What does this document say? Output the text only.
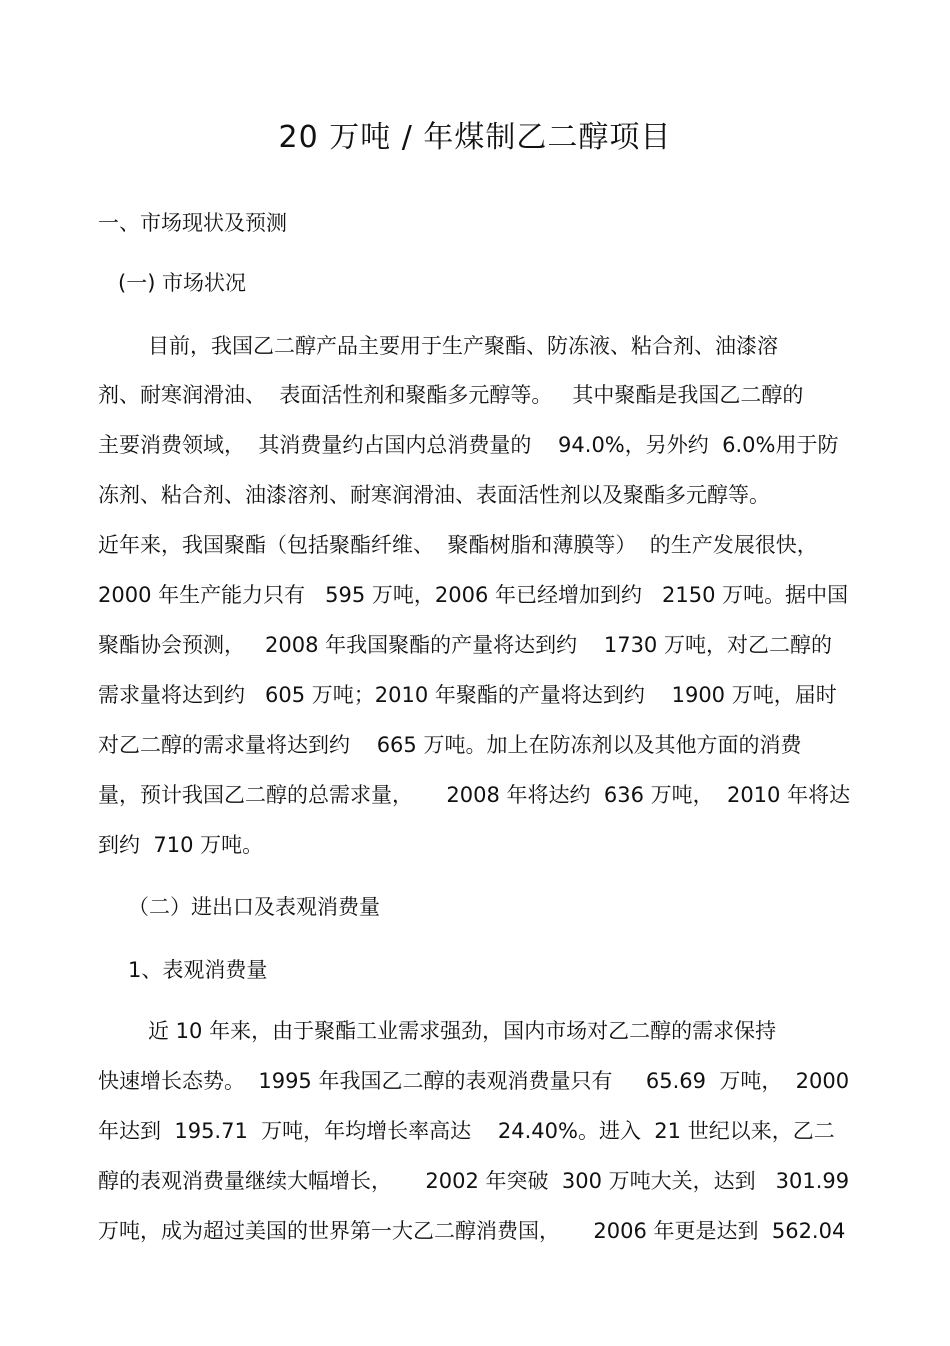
20 万吨 / 年煤制乙二醇项目
一、市场现状及预测
(一) 市场状况
目前，我国乙二醇产品主要用于生产聚酯、防冻液、粘合剂、油漆溶
剂、耐寒润滑油、  表面活性剂和聚酯多元醇等。   其中聚酯是我国乙二醇的
主要消费领域，  其消费量约占国内总消费量的    94.0%，另外约  6.0%用于防
冻剂、粘合剂、油漆溶剂、耐寒润滑油、表面活性剂以及聚酯多元醇等。
近年来，我国聚酯（包括聚酯纤维、  聚酯树脂和薄膜等）  的生产发展很快，
2000 年生产能力只有   595 万吨，2006 年已经增加到约   2150 万吨。据中国
聚酯协会预测，   2008 年我国聚酯的产量将达到约    1730 万吨，对乙二醇的
需求量将达到约   605 万吨；2010 年聚酯的产量将达到约    1900 万吨，届时
对乙二醇的需求量将达到约    665 万吨。加上在防冻剂以及其他方面的消费
量，预计我国乙二醇的总需求量，     2008 年将达约  636 万吨，  2010 年将达
到约  710 万吨。
（二）进出口及表观消费量
1、表观消费量
近 10 年来，由于聚酯工业需求强劲，国内市场对乙二醇的需求保持
快速增长态势。  1995 年我国乙二醇的表观消费量只有     65.69  万吨，  2000
年达到  195.71  万吨，年均增长率高达    24.40%。进入  21 世纪以来，乙二
醇的表观消费量继续大幅增长，     2002 年突破  300 万吨大关，达到   301.99
万吨，成为超过美国的世界第一大乙二醇消费国，     2006 年更是达到  562.04
